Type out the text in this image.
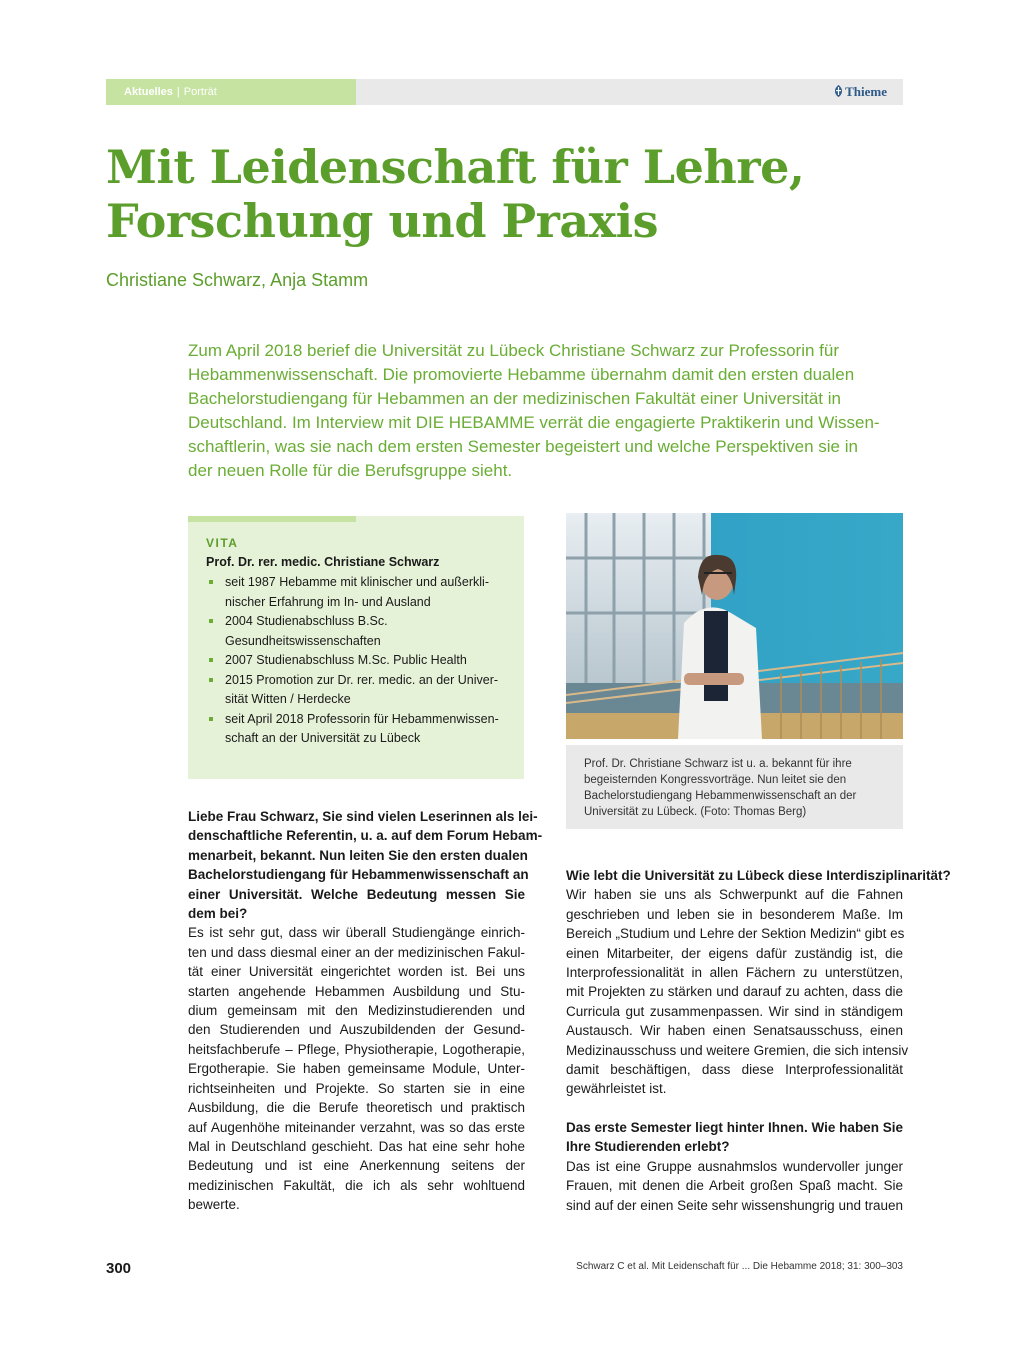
Aktuelles | Porträt	Thieme
Mit Leidenschaft für Lehre,
Forschung und Praxis
Christiane Schwarz, Anja Stamm

Zum April 2018 berief die Universität zu Lübeck Christiane Schwarz zur Professorin für
Hebammenwissenschaft. Die promovierte Hebamme übernahm damit den ersten dualen
Bachelorstudiengang für Hebammen an der medizinischen Fakultät einer Universität in
Deutschland. Im Interview mit DIE HEBAMME verrät die engagierte Praktikerin und Wissen-
schaftlerin, was sie nach dem ersten Semester begeistert und welche Perspektiven sie in
der neuen Rolle für die Berufsgruppe sieht.

VITA
Prof. Dr. rer. medic. Christiane Schwarz
seit 1987 Hebamme mit klinischer und außerkli-
nischer Erfahrung im In- und Ausland
2004 Studienabschluss B.Sc.
Gesundheitswissenschaften
2007 Studienabschluss M.Sc. Public Health
2015 Promotion zur Dr. rer. medic. an der Univer-
sität Witten / Herdecke
seit April 2018 Professorin für Hebammenwissen-
schaft an der Universität zu Lübeck
Prof. Dr. Christiane Schwarz ist u. a. bekannt für ihre
begeisternden Kongressvorträge. Nun leitet sie den
Bachelorstudiengang Hebammenwissenschaft an der
Universität zu Lübeck. (Foto: Thomas Berg)
Liebe Frau Schwarz, Sie sind vielen Leserinnen als lei-
denschaftliche Referentin, u. a. auf dem Forum Hebam-
menarbeit, bekannt. Nun leiten Sie den ersten dualen
Bachelorstudiengang für Hebammenwissenschaft an
einer Universität. Welche Bedeutung messen Sie
dem bei?
Es ist sehr gut, dass wir überall Studiengänge einrich-
ten und dass diesmal einer an der medizinischen Fakul-
tät einer Universität eingerichtet worden ist. Bei uns
starten angehende Hebammen Ausbildung und Stu-
dium gemeinsam mit den Medizinstudierenden und
den Studierenden und Auszubildenden der Gesund-
heitsfachberufe – Pflege, Physiotherapie, Logotherapie,
Ergotherapie. Sie haben gemeinsame Module, Unter-
richtseinheiten und Projekte. So starten sie in eine
Ausbildung, die die Berufe theoretisch und praktisch
auf Augenhöhe miteinander verzahnt, was so das erste
Mal in Deutschland geschieht. Das hat eine sehr hohe
Bedeutung und ist eine Anerkennung seitens der
medizinischen Fakultät, die ich als sehr wohltuend
bewerte.
Wie lebt die Universität zu Lübeck diese Interdisziplinarität?
Wir haben sie uns als Schwerpunkt auf die Fahnen
geschrieben und leben sie in besonderem Maße. Im
Bereich „Studium und Lehre der Sektion Medizin“ gibt es
einen Mitarbeiter, der eigens dafür zuständig ist, die
Interprofessionalität in allen Fächern zu unterstützen,
mit Projekten zu stärken und darauf zu achten, dass die
Curricula gut zusammenpassen. Wir sind in ständigem
Austausch. Wir haben einen Senatsausschuss, einen
Medizinausschuss und weitere Gremien, die sich intensiv
damit beschäftigen, dass diese Interprofessionalität
gewährleistet ist.
Das erste Semester liegt hinter Ihnen. Wie haben Sie
Ihre Studierenden erlebt?
Das ist eine Gruppe ausnahmslos wundervoller junger
Frauen, mit denen die Arbeit großen Spaß macht. Sie
sind auf der einen Seite sehr wissenshungrig und trauen
300	Schwarz C et al. Mit Leidenschaft für ... Die Hebamme 2018; 31: 300–303
